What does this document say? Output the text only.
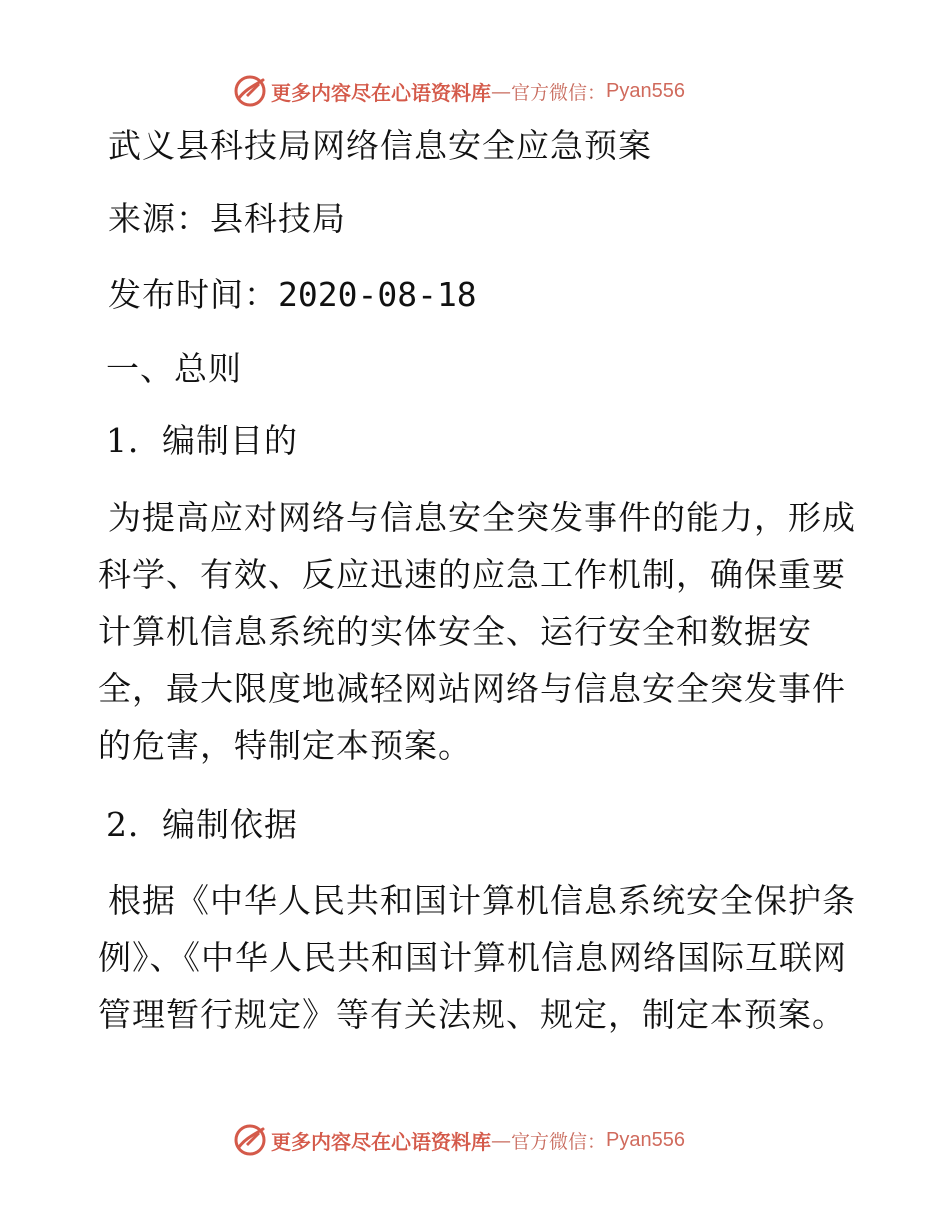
更多内容尽在心语资料库 — 官方微信： Pyan556
武义县科技局网络信息安全应急预案
来源：县科技局
发布时间：2020-08-18
一、总则
1．编制目的

为提高应对网络与信息安全突发事件的能力，形成科学、有效、反应迅速的应急工作机制，确保重要计算机信息系统的实体安全、运行安全和数据安全，最大限度地减轻网站网络与信息安全突发事件的危害，特制定本预案。

2．编制依据

根据《中华人民共和国计算机信息系统安全保护条例》、《中华人民共和国计算机信息网络国际互联网管理暂行规定》等有关法规、规定，制定本预案。

更多内容尽在心语资料库 — 官方微信： Pyan556
